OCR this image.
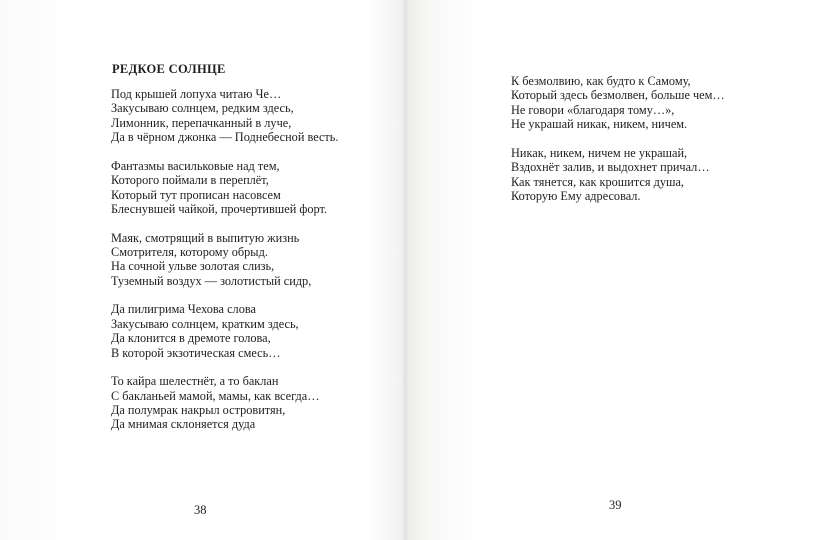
РЕДКОЕ СОЛНЦЕ
Под крышей лопуха читаю Че…
Закусываю солнцем, редким здесь,
Лимонник, перепачканный в луче,
Да в чёрном джонка — Поднебесной весть.
Фантазмы васильковые над тем,
Которого поймали в переплёт,
Который тут прописан насовсем
Блеснувшей чайкой, прочертившей форт.
Маяк, смотрящий в выпитую жизнь
Смотрителя, которому обрыд.
На сочной ульве золотая слизь,
Туземный воздух — золотистый сидр,
Да пилигрима Чехова слова
Закусываю солнцем, кратким здесь,
Да клонится в дремоте голова,
В которой экзотическая смесь…
То кайра шелестнёт, а то баклан
С бакланьей мамой, мамы, как всегда…
Да полумрак накрыл островитян,
Да мнимая склоняется дуда
38
К безмолвию, как будто к Самому,
Который здесь безмолвен, больше чем…
Не говори «благодаря тому…»,
Не украшай никак, никем, ничем.
Никак, никем, ничем не украшай,
Вздохнёт залив, и выдохнет причал…
Как тянется, как крошится душа,
Которую Ему адресовал.
39
